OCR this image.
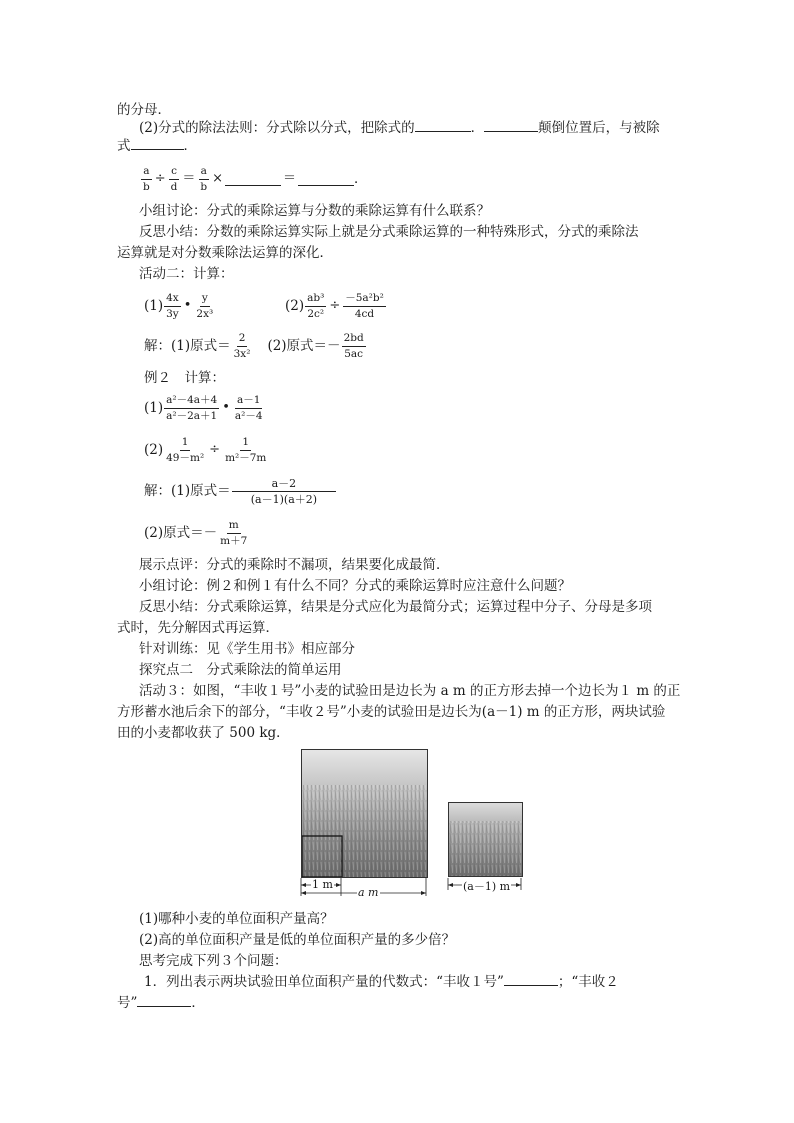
的分母．
(2)分式的除法法则：分式除以分式，把除式的	．	颠倒位置后，与被除
式	．
$\frac{a}{b} \div \frac{c}{d} = \frac{a}{b}$ ×	＝	．
小组讨论：分式的乘除运算与分数的乘除运算有什么联系？
反思小结：分数的乘除运算实际上就是分式乘除运算的一种特殊形式，分式的乘除法
运算就是对分数乘除法运算的深化．
活动二：计算：
$(1) \frac{4x}{3y}$ • $\frac{y}{\text{2x³}}$	$(2) \frac{\text{ab³}}{\text{2c²}} \div \frac{\text{－5a²b²}}{4cd}$
解：(1)原式＝ $\frac{2}{\text{3x²}} (2)$原式＝－ $\frac{2bd}{5ac}$
例２　计算：
$(1) \frac{\text{a²－4a＋4}}{\text{a²－2a＋1}}$ • $\frac{a-1}{\text{a²－4}}$
$(2) \frac{1}{\text{49－m²}} \div \frac{1}{\text{m²－7m}}$
解：(1)原式＝ $\frac{a-2}{(a-1)(a+2)}$
(2)原式＝－ $\frac{m}{m+7}$
展示点评：分式的乘除时不漏项，结果要化成最简．
小组讨论：例２和例１有什么不同？分式的乘除运算时应注意什么问题？
反思小结：分式乘除运算，结果是分式应化为最简分式；运算过程中分子、分母是多项
式时，先分解因式再运算．
针对训练：见《学生用书》相应部分
探究点二　分式乘除法的简单运用
活动３：如图，“丰收１号”小麦的试验田是边长为 a m 的正方形去掉一个边长为１ m 的正
方形蓄水池后余下的部分，“丰收２号”小麦的试验田是边长为(a－1) m 的正方形，两块试验
田的小麦都收获了 500 kg．
1 m
a m	(a－1) m
(1)哪种小麦的单位面积产量高？
(2)高的单位面积产量是低的单位面积产量的多少倍？
思考完成下列３个问题：
1．列出表示两块试验田单位面积产量的代数式：“丰收１号”	；“丰收２
号”	．
